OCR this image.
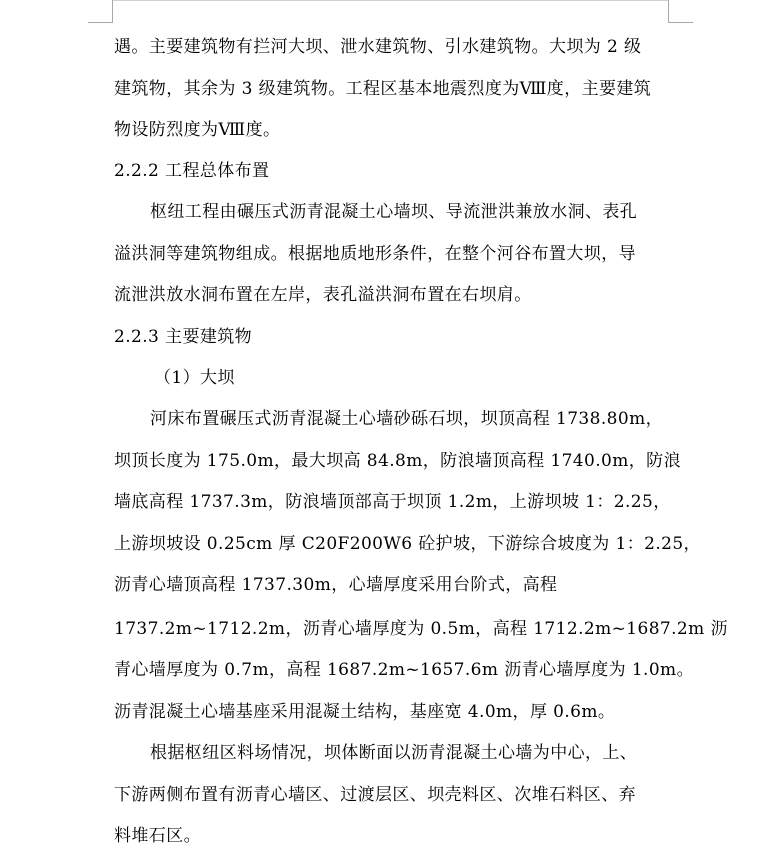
遇。主要建筑物有拦河大坝、泄水建筑物、引水建筑物。大坝为 2 级
建筑物，其余为 3 级建筑物。工程区基本地震烈度为Ⅷ度，主要建筑
物设防烈度为Ⅷ度。
2.2.2 工程总体布置
枢纽工程由碾压式沥青混凝土心墙坝、导流泄洪兼放水洞、表孔
溢洪洞等建筑物组成。根据地质地形条件，在整个河谷布置大坝，导
流泄洪放水洞布置在左岸，表孔溢洪洞布置在右坝肩。
2.2.3 主要建筑物
（1）大坝
河床布置碾压式沥青混凝土心墙砂砾石坝，坝顶高程 1738.80m，
坝顶长度为 175.0m，最大坝高 84.8m，防浪墙顶高程 1740.0m，防浪
墙底高程 1737.3m，防浪墙顶部高于坝顶 1.2m，上游坝坡 1：2.25，
上游坝坡设 0.25cm 厚 C20F200W6 砼护坡，下游综合坡度为 1：2.25，
沥青心墙顶高程 1737.30m，心墙厚度采用台阶式，高程
1737.2m~1712.2m，沥青心墙厚度为 0.5m，高程 1712.2m~1687.2m 沥
青心墙厚度为 0.7m，高程 1687.2m~1657.6m 沥青心墙厚度为 1.0m。
沥青混凝土心墙基座采用混凝土结构，基座宽 4.0m，厚 0.6m。
根据枢纽区料场情况，坝体断面以沥青混凝土心墙为中心，上、
下游两侧布置有沥青心墙区、过渡层区、坝壳料区、次堆石料区、弃
料堆石区。
